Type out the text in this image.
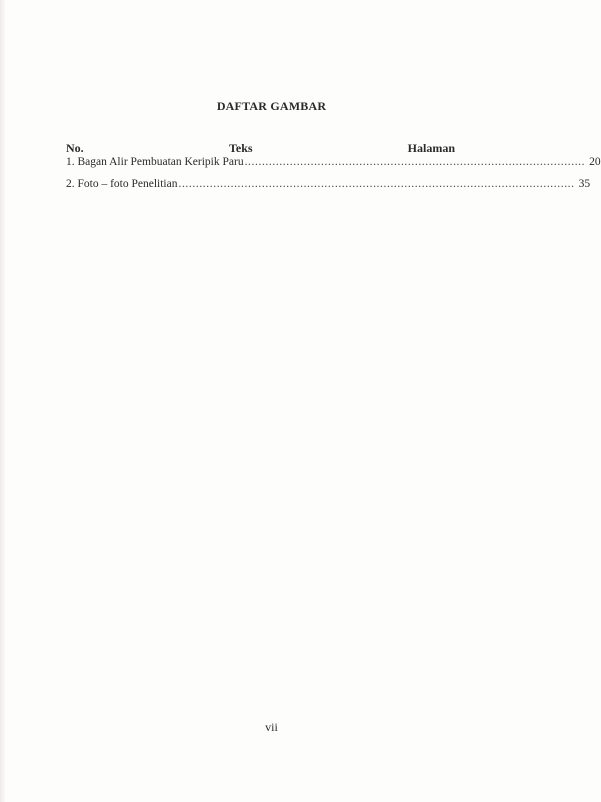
DAFTAR GAMBAR
No.	Teks	Halaman
1. Bagan Alir Pembuatan Keripik Paru .................................................................................................. 20
2. Foto – foto Penelitian .................................................................................................................. 35
vii
